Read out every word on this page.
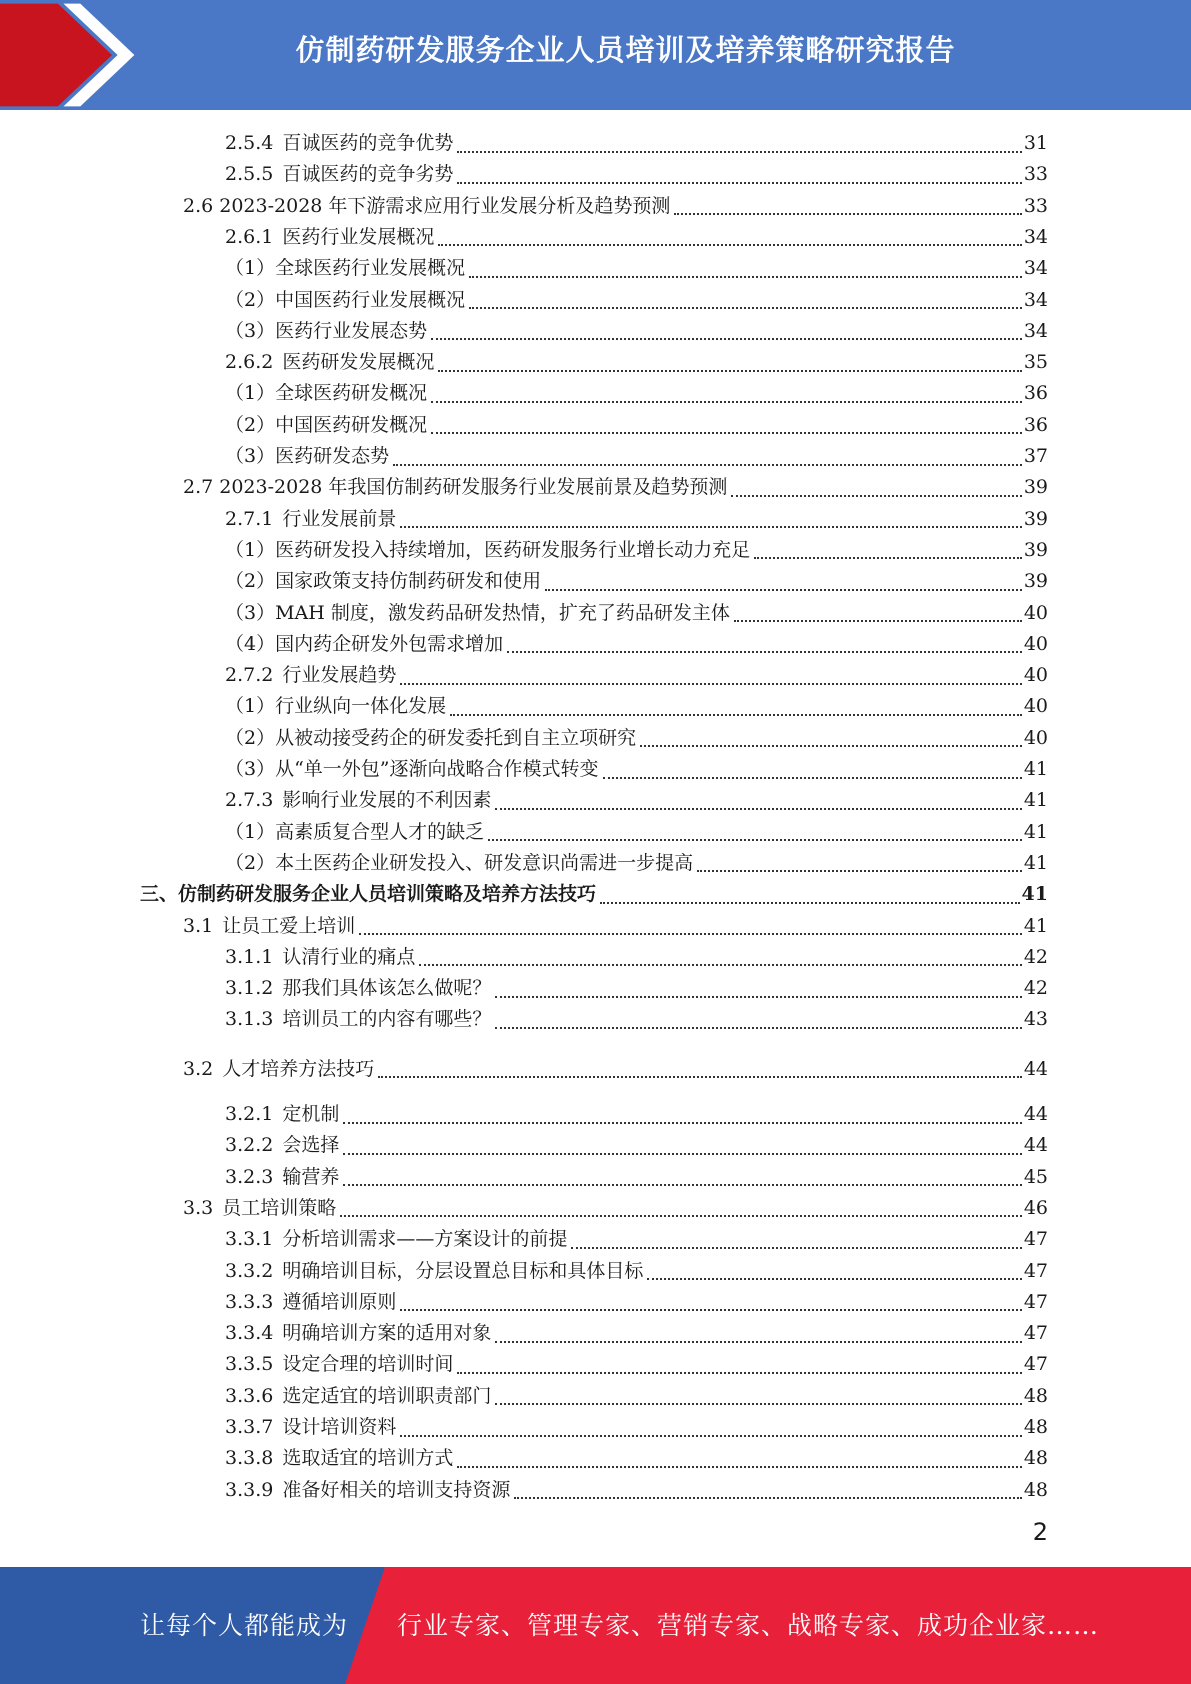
仿制药研发服务企业人员培训及培养策略研究报告
2.5.4 百诚医药的竞争优势	31
2.5.5 百诚医药的竞争劣势	33
2.6 2023-2028 年下游需求应用行业发展分析及趋势预测	33
2.6.1 医药行业发展概况	34
（1）全球医药行业发展概况	34
（2）中国医药行业发展概况	34
（3）医药行业发展态势	34
2.6.2 医药研发发展概况	35
（1）全球医药研发概况	36
（2）中国医药研发概况	36
（3）医药研发态势	37
2.7 2023-2028 年我国仿制药研发服务行业发展前景及趋势预测	39
2.7.1 行业发展前景	39
（1）医药研发投入持续增加，医药研发服务行业增长动力充足	39
（2）国家政策支持仿制药研发和使用	39
（3）MAH 制度，激发药品研发热情，扩充了药品研发主体	40
（4）国内药企研发外包需求增加	40
2.7.2 行业发展趋势	40
（1）行业纵向一体化发展	40
（2）从被动接受药企的研发委托到自主立项研究	40
（3）从“单一外包”逐渐向战略合作模式转变	41
2.7.3 影响行业发展的不利因素	41
（1）高素质复合型人才的缺乏	41
（2）本土医药企业研发投入、研发意识尚需进一步提高	41
三、仿制药研发服务企业人员培训策略及培养方法技巧	41
3.1 让员工爱上培训	41
3.1.1 认清行业的痛点	42
3.1.2 那我们具体该怎么做呢？	42
3.1.3 培训员工的内容有哪些？	43
3.2 人才培养方法技巧	44
3.2.1 定机制	44
3.2.2 会选择	44
3.2.3 输营养	45
3.3 员工培训策略	46
3.3.1 分析培训需求——方案设计的前提	47
3.3.2 明确培训目标，分层设置总目标和具体目标	47
3.3.3 遵循培训原则	47
3.3.4 明确培训方案的适用对象	47
3.3.5 设定合理的培训时间	47
3.3.6 选定适宜的培训职责部门	48
3.3.7 设计培训资料	48
3.3.8 选取适宜的培训方式	48
3.3.9 准备好相关的培训支持资源	48
2
让每个人都能成为 行业专家、管理专家、营销专家、战略专家、成功企业家……
